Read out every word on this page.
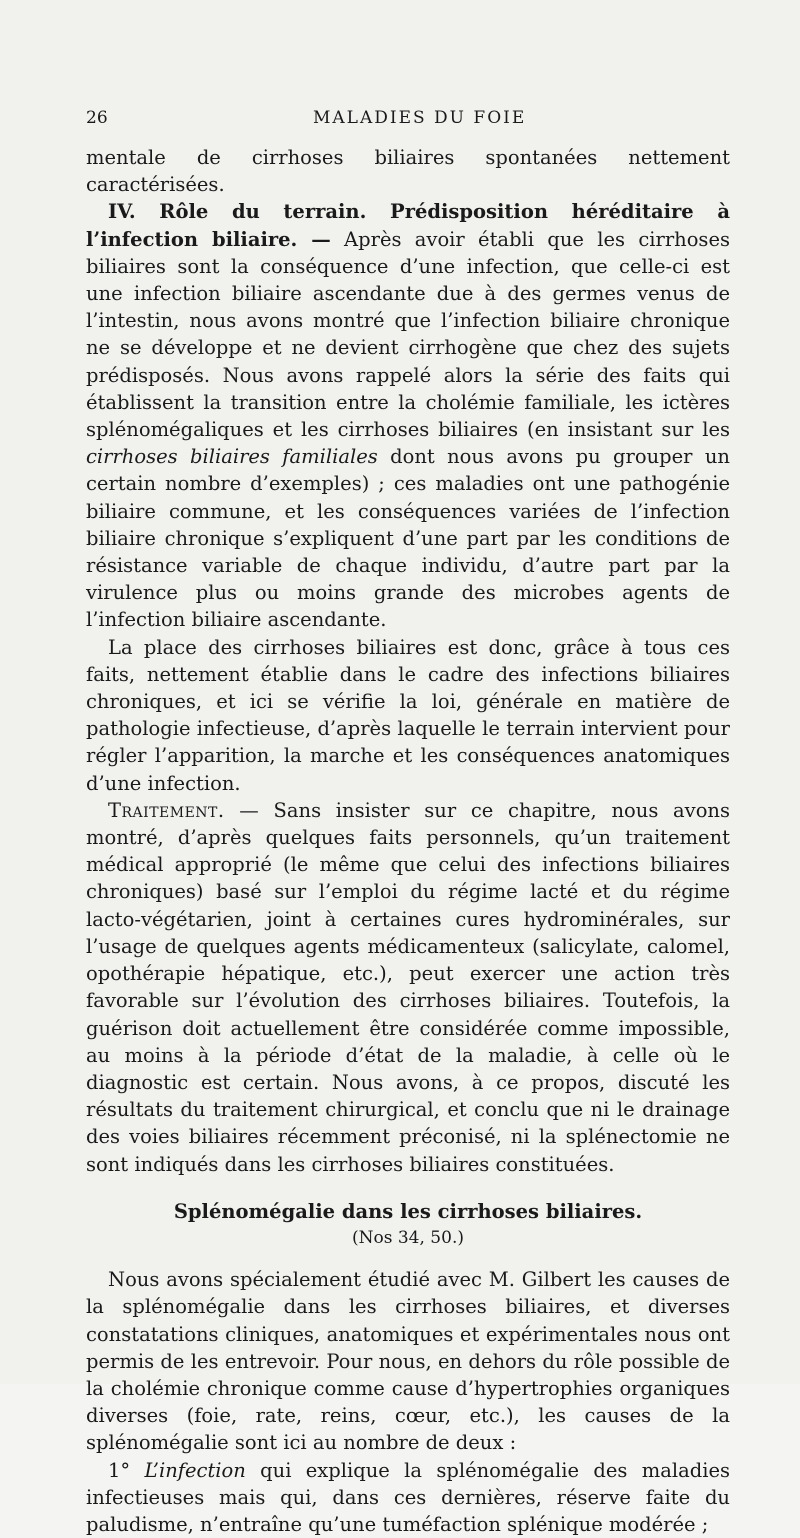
26	MALADIES DU FOIE

mentale de cirrhoses biliaires spontanées nettement caractérisées.

IV. Rôle du terrain. Prédisposition héréditaire à l’infection biliaire. — Après avoir établi que les cirrhoses biliaires sont la conséquence d’une infection, que celle-ci est une infection biliaire ascendante due à des germes venus de l’intestin, nous avons montré que l’infection biliaire chronique ne se développe et ne devient cirrhogène que chez des sujets prédisposés. Nous avons rappelé alors la série des faits qui établissent la transition entre la cholémie familiale, les ictères splénomégaliques et les cirrhoses biliaires (en insistant sur les cirrhoses biliaires familiales dont nous avons pu grouper un certain nombre d’exemples) ; ces maladies ont une pathogénie biliaire commune, et les conséquences variées de l’infection biliaire chronique s’expliquent d’une part par les conditions de résistance variable de chaque individu, d’autre part par la virulence plus ou moins grande des microbes agents de l’infection biliaire ascendante.

La place des cirrhoses biliaires est donc, grâce à tous ces faits, nettement établie dans le cadre des infections biliaires chroniques, et ici se vérifie la loi, générale en matière de pathologie infectieuse, d’après laquelle le terrain intervient pour régler l’apparition, la marche et les conséquences anatomiques d’une infection.

Traitement. — Sans insister sur ce chapitre, nous avons montré, d’après quelques faits personnels, qu’un traitement médical approprié (le même que celui des infections biliaires chroniques) basé sur l’emploi du régime lacté et du régime lacto-végétarien, joint à certaines cures hydrominérales, sur l’usage de quelques agents médicamenteux (salicylate, calomel, opothérapie hépatique, etc.), peut exercer une action très favorable sur l’évolution des cirrhoses biliaires. Toutefois, la guérison doit actuellement être considérée comme impossible, au moins à la période d’état de la maladie, à celle où le diagnostic est certain. Nous avons, à ce propos, discuté les résultats du traitement chirurgical, et conclu que ni le drainage des voies biliaires récemment préconisé, ni la splénectomie ne sont indiqués dans les cirrhoses biliaires constituées.

Splénomégalie dans les cirrhoses biliaires.
(Nos 34, 50.)

Nous avons spécialement étudié avec M. Gilbert les causes de la splénomégalie dans les cirrhoses biliaires, et diverses constatations cliniques, anatomiques et expérimentales nous ont permis de les entrevoir. Pour nous, en dehors du rôle possible de la cholémie chronique comme cause d’hypertrophies organiques diverses (foie, rate, reins, cœur, etc.), les causes de la splénomégalie sont ici au nombre de deux :

1° L’infection qui explique la splénomégalie des maladies infectieuses mais qui, dans ces dernières, réserve faite du paludisme, n’entraîne qu’une tuméfaction splénique modérée ;
